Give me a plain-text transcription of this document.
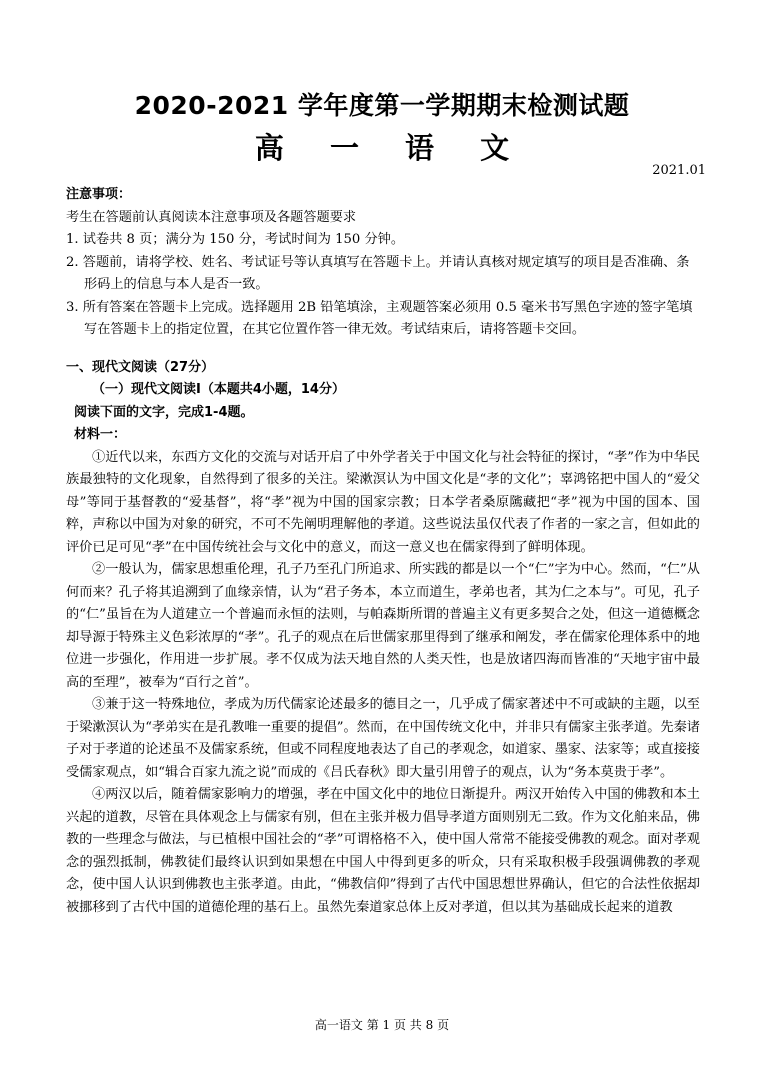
2020-2021 学年度第一学期期末检测试题
高 一 语 文
2021.01

注意事项：

考生在答题前认真阅读本注意事项及各题答题要求

1. 试卷共 8 页；满分为 150 分，考试时间为 150 分钟。
2. 答题前，请将学校、姓名、考试证号等认真填写在答题卡上。并请认真核对规定填写的项目是否准确、条形码上的信息与本人是否一致。
3. 所有答案在答题卡上完成。选择题用 2B 铅笔填涂，主观题答案必须用 0.5 毫米书写黑色字迹的签字笔填写在答题卡上的指定位置，在其它位置作答一律无效。考试结束后，请将答题卡交回。

一、现代文阅读（27分）

（一）现代文阅读Ⅰ（本题共4小题，14分）

阅读下面的文字，完成1-4题。

材料一：

①近代以来，东西方文化的交流与对话开启了中外学者关于中国文化与社会特征的探讨，“孝”作为中华民族最独特的文化现象，自然得到了很多的关注。梁漱溟认为中国文化是“孝的文化”；辜鸿铭把中国人的“爱父母”等同于基督教的“爱基督”，将“孝”视为中国的国家宗教；日本学者桑原隲藏把“孝”视为中国的国本、国粹，声称以中国为对象的研究，不可不先阐明理解他的孝道。这些说法虽仅代表了作者的一家之言，但如此的评价已足可见“孝”在中国传统社会与文化中的意义，而这一意义也在儒家得到了鲜明体现。

②一般认为，儒家思想重伦理，孔子乃至孔门所追求、所实践的都是以一个“仁”字为中心。然而，“仁”从何而来？孔子将其追溯到了血缘亲情，认为“君子务本，本立而道生，孝弟也者，其为仁之本与”。可见，孔子的“仁”虽旨在为人道建立一个普遍而永恒的法则，与帕森斯所谓的普遍主义有更多契合之处，但这一道德概念却导源于特殊主义色彩浓厚的“孝”。孔子的观点在后世儒家那里得到了继承和阐发，孝在儒家伦理体系中的地位进一步强化，作用进一步扩展。孝不仅成为法天地自然的人类天性，也是放诸四海而皆准的“天地宇宙中最高的至理”，被奉为“百行之首”。

③兼于这一特殊地位，孝成为历代儒家论述最多的德目之一，几乎成了儒家著述中不可或缺的主题，以至于梁漱溟认为“孝弟实在是孔教唯一重要的提倡”。然而，在中国传统文化中，并非只有儒家主张孝道。先秦诸子对于孝道的论述虽不及儒家系统，但或不同程度地表达了自己的孝观念，如道家、墨家、法家等；或直接接受儒家观点，如“辑合百家九流之说”而成的《吕氏春秋》即大量引用曾子的观点，认为“务本莫贵于孝”。

④两汉以后，随着儒家影响力的增强，孝在中国文化中的地位日渐提升。两汉开始传入中国的佛教和本土兴起的道教，尽管在具体观念上与儒家有别，但在主张并极力倡导孝道方面则别无二致。作为文化舶来品，佛教的一些理念与做法，与已植根中国社会的“孝”可谓格格不入，使中国人常常不能接受佛教的观念。面对孝观念的强烈抵制，佛教徒们最终认识到如果想在中国人中得到更多的听众，只有采取积极手段强调佛教的孝观念，使中国人认识到佛教也主张孝道。由此，“佛教信仰”得到了古代中国思想世界确认，但它的合法性依据却被挪移到了古代中国的道德伦理的基石上。虽然先秦道家总体上反对孝道，但以其为基础成长起来的道教

高一语文 第 1 页 共 8 页
